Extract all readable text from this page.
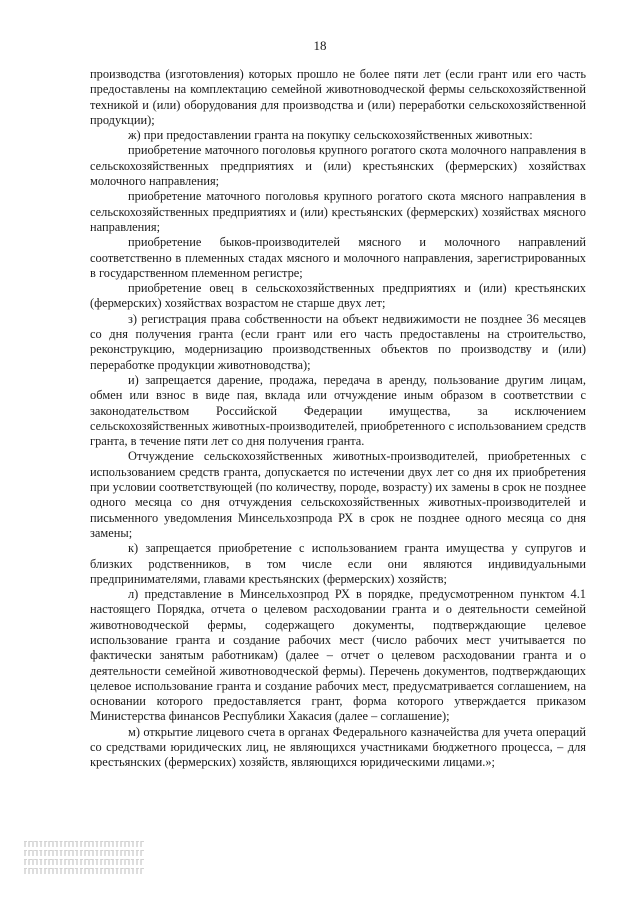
18

производства (изготовления) которых прошло не более пяти лет (если грант или его часть предоставлены на комплектацию семейной животноводческой фермы сельскохозяйственной техникой и (или) оборудования для производства и (или) переработки сельскохозяйственной продукции);

ж) при предоставлении гранта на покупку сельскохозяйственных животных:

приобретение маточного поголовья крупного рогатого скота молочного направления в сельскохозяйственных предприятиях и (или) крестьянских (фермерских) хозяйствах молочного направления;

приобретение маточного поголовья крупного рогатого скота мясного направления в сельскохозяйственных предприятиях и (или) крестьянских (фермерских) хозяйствах мясного направления;

приобретение быков-производителей мясного и молочного направлений соответственно в племенных стадах мясного и молочного направления, зарегистрированных в государственном племенном регистре;

приобретение овец в сельскохозяйственных предприятиях и (или) крестьянских (фермерских) хозяйствах возрастом не старше двух лет;

з) регистрация права собственности на объект недвижимости не позднее 36 месяцев со дня получения гранта (если грант или его часть предоставлены на строительство, реконструкцию, модернизацию производственных объектов по производству и (или) переработке продукции животноводства);

и) запрещается дарение, продажа, передача в аренду, пользование другим лицам, обмен или взнос в виде пая, вклада или отчуждение иным образом в соответствии с законодательством Российской Федерации имущества, за исключением сельскохозяйственных животных-производителей, приобретенного с использованием средств гранта, в течение пяти лет со дня получения гранта.

Отчуждение сельскохозяйственных животных-производителей, приобретенных с использованием средств гранта, допускается по истечении двух лет со дня их приобретения при условии соответствующей (по количеству, породе, возрасту) их замены в срок не позднее одного месяца со дня отчуждения сельскохозяйственных животных-производителей и письменного уведомления Минсельхозпрода РХ в срок не позднее одного месяца со дня замены;

к) запрещается приобретение с использованием гранта имущества у супругов и близких родственников, в том числе если они являются индивидуальными предпринимателями, главами крестьянских (фермерских) хозяйств;

л) представление в Минсельхозпрод РХ в порядке, предусмотренном пунктом 4.1 настоящего Порядка, отчета о целевом расходовании гранта и о деятельности семейной животноводческой фермы, содержащего документы, подтверждающие целевое использование гранта и создание рабочих мест (число рабочих мест учитывается по фактически занятым работникам) (далее – отчет о целевом расходовании гранта и о деятельности семейной животноводческой фермы). Перечень документов, подтверждающих целевое использование гранта и создание рабочих мест, предусматривается соглашением, на основании которого предоставляется грант, форма которого утверждается приказом Министерства финансов Республики Хакасия (далее – соглашение);

м) открытие лицевого счета в органах Федерального казначейства для учета операций со средствами юридических лиц, не являющихся участниками бюджетного процесса, – для крестьянских (фермерских) хозяйств, являющихся юридическими лицами.»;
